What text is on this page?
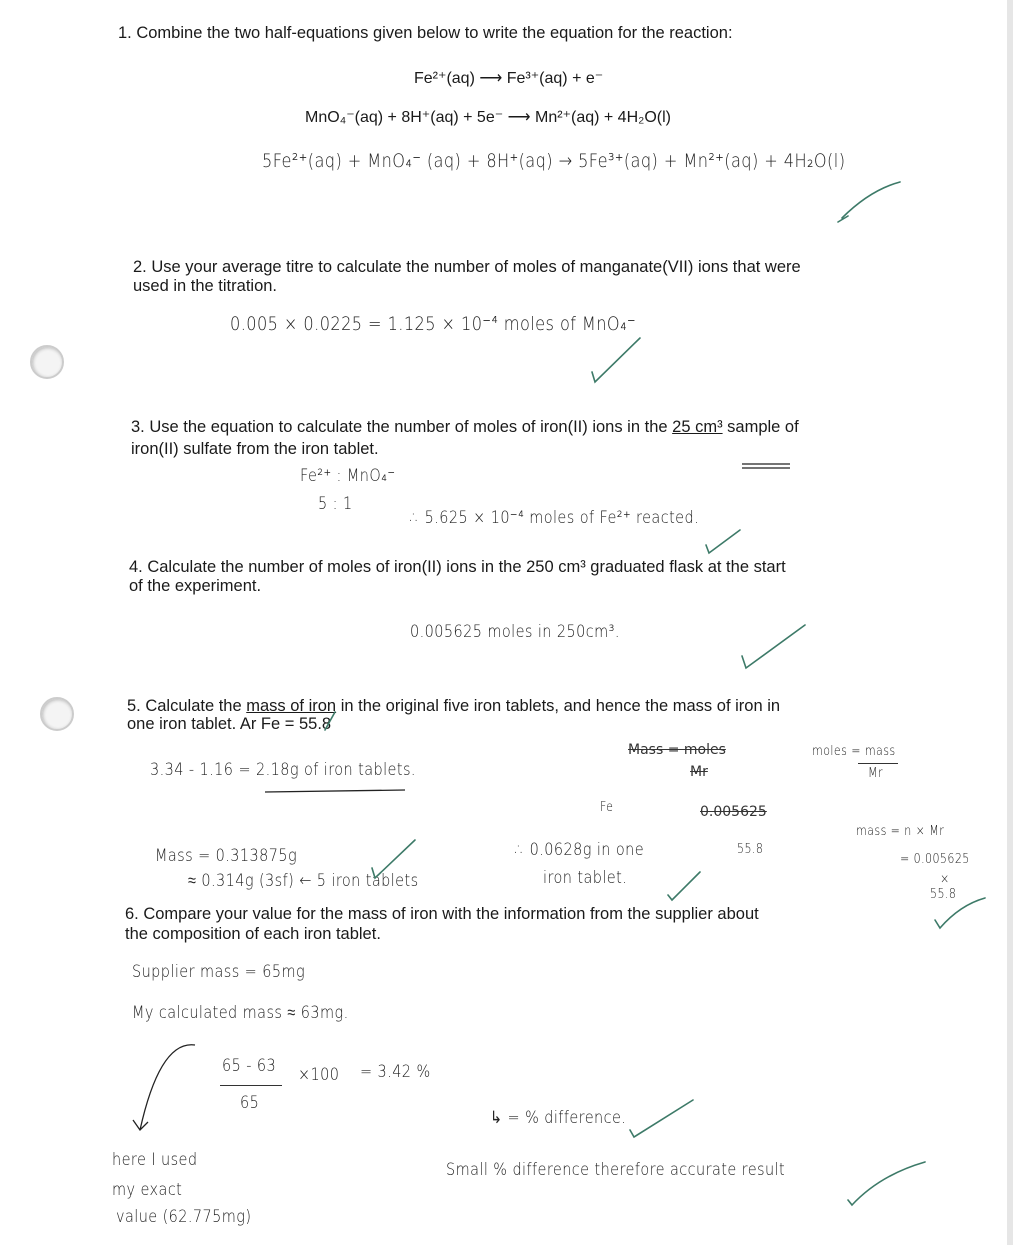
1. Combine the two half-equations given below to write the equation for the reaction:
Fe²⁺(aq) ⟶ Fe³⁺(aq) + e⁻
MnO₄⁻(aq) + 8H⁺(aq) + 5e⁻ ⟶ Mn²⁺(aq) + 4H₂O(l)
5Fe²⁺(aq) + MnO₄⁻ (aq) + 8H⁺(aq) → 5Fe³⁺(aq) + Mn²⁺(aq) + 4H₂O(l)
2. Use your average titre to calculate the number of moles of manganate(VII) ions that were
used in the titration.
0.005 × 0.0225 = 1.125 × 10⁻⁴ moles of MnO₄⁻
3. Use the equation to calculate the number of moles of iron(II) ions in the 25 cm³ sample of
iron(II) sulfate from the iron tablet.
Fe²⁺ : MnO₄⁻
5 : 1
∴ 5.625 × 10⁻⁴ moles of Fe²⁺ reacted.
4. Calculate the number of moles of iron(II) ions in the 250 cm³ graduated flask at the start
of the experiment.
0.005625 moles in 250cm³.
5. Calculate the mass of iron in the original five iron tablets, and hence the mass of iron in
one iron tablet. Ar Fe = 55.8
3.34 - 1.16 = 2.18g of iron tablets.
Mass = moles
Mr
moles = mass
Mr
Fe	0.005625
55.8
mass = n × Mr
= 0.005625
×
55.8
Mass = 0.313875g
≈ 0.314g (3sf) ← 5 iron tablets
∴ 0.0628g in one
iron tablet.
6. Compare your value for the mass of iron with the information from the supplier about
the composition of each iron tablet.
Supplier mass = 65mg
My calculated mass ≈ 63mg.
65 - 63
65
×100 = 3.42 %
↳ = % difference.
here I used
my exact
value (62.775mg)
Small % difference therefore accurate result
